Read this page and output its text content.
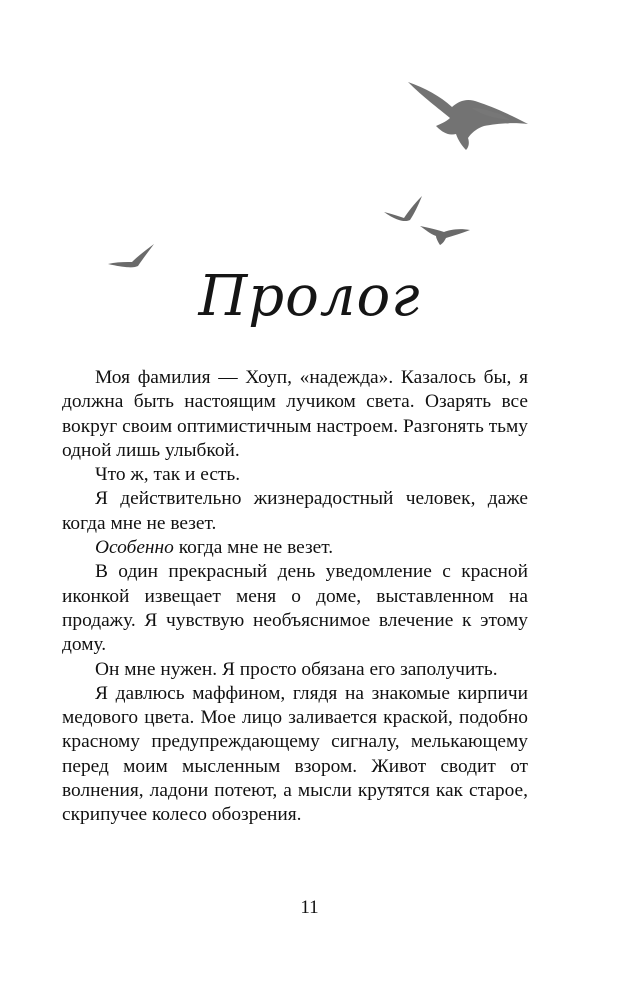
Пролог

Моя фамилия — Хоуп, «надежда». Казалось бы, я должна быть настоящим лучиком света. Озарять все вокруг своим оптимистичным настроем. Разгонять тьму одной лишь улыбкой.

Что ж, так и есть.

Я действительно жизнерадостный человек, даже когда мне не везет.

Особенно когда мне не везет.

В один прекрасный день уведомление с красной иконкой извещает меня о доме, выставленном на продажу. Я чувствую необъяснимое влечение к этому дому.

Он мне нужен. Я просто обязана его заполучить.

Я давлюсь маффином, глядя на знакомые кирпичи медового цвета. Мое лицо заливается краской, подобно красному предупреждающему сигналу, мелькающему перед моим мысленным взором. Живот сводит от волнения, ладони потеют, а мысли крутятся как старое, скрипучее колесо обозрения.

11
